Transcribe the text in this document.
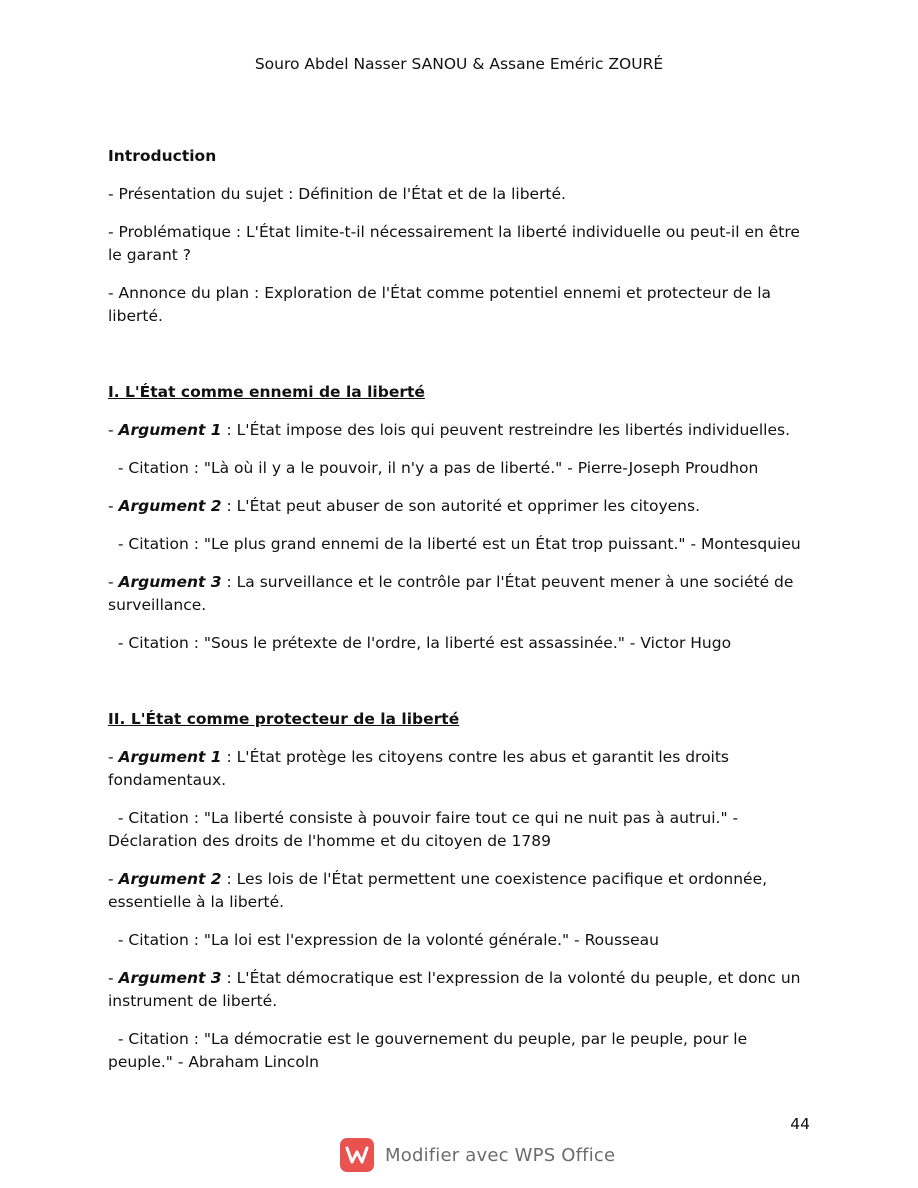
Souro Abdel Nasser SANOU & Assane Eméric ZOURÉ
Introduction

- Présentation du sujet : Définition de l'État et de la liberté.

- Problématique : L'État limite-t-il nécessairement la liberté individuelle ou peut-il en être le garant ?

- Annonce du plan : Exploration de l'État comme potentiel ennemi et protecteur de la liberté.

I. L'État comme ennemi de la liberté

- Argument 1 : L'État impose des lois qui peuvent restreindre les libertés individuelles.

- Citation : "Là où il y a le pouvoir, il n'y a pas de liberté." - Pierre-Joseph Proudhon

- Argument 2 : L'État peut abuser de son autorité et opprimer les citoyens.

- Citation : "Le plus grand ennemi de la liberté est un État trop puissant." - Montesquieu

- Argument 3 : La surveillance et le contrôle par l'État peuvent mener à une société de surveillance.

- Citation : "Sous le prétexte de l'ordre, la liberté est assassinée." - Victor Hugo

II. L'État comme protecteur de la liberté

- Argument 1 : L'État protège les citoyens contre les abus et garantit les droits fondamentaux.

- Citation : "La liberté consiste à pouvoir faire tout ce qui ne nuit pas à autrui." - Déclaration des droits de l'homme et du citoyen de 1789

- Argument 2 : Les lois de l'État permettent une coexistence pacifique et ordonnée, essentielle à la liberté.

- Citation : "La loi est l'expression de la volonté générale." - Rousseau

- Argument 3 : L'État démocratique est l'expression de la volonté du peuple, et donc un instrument de liberté.

- Citation : "La démocratie est le gouvernement du peuple, par le peuple, pour le peuple." - Abraham Lincoln

44
Modifier avec WPS Office
